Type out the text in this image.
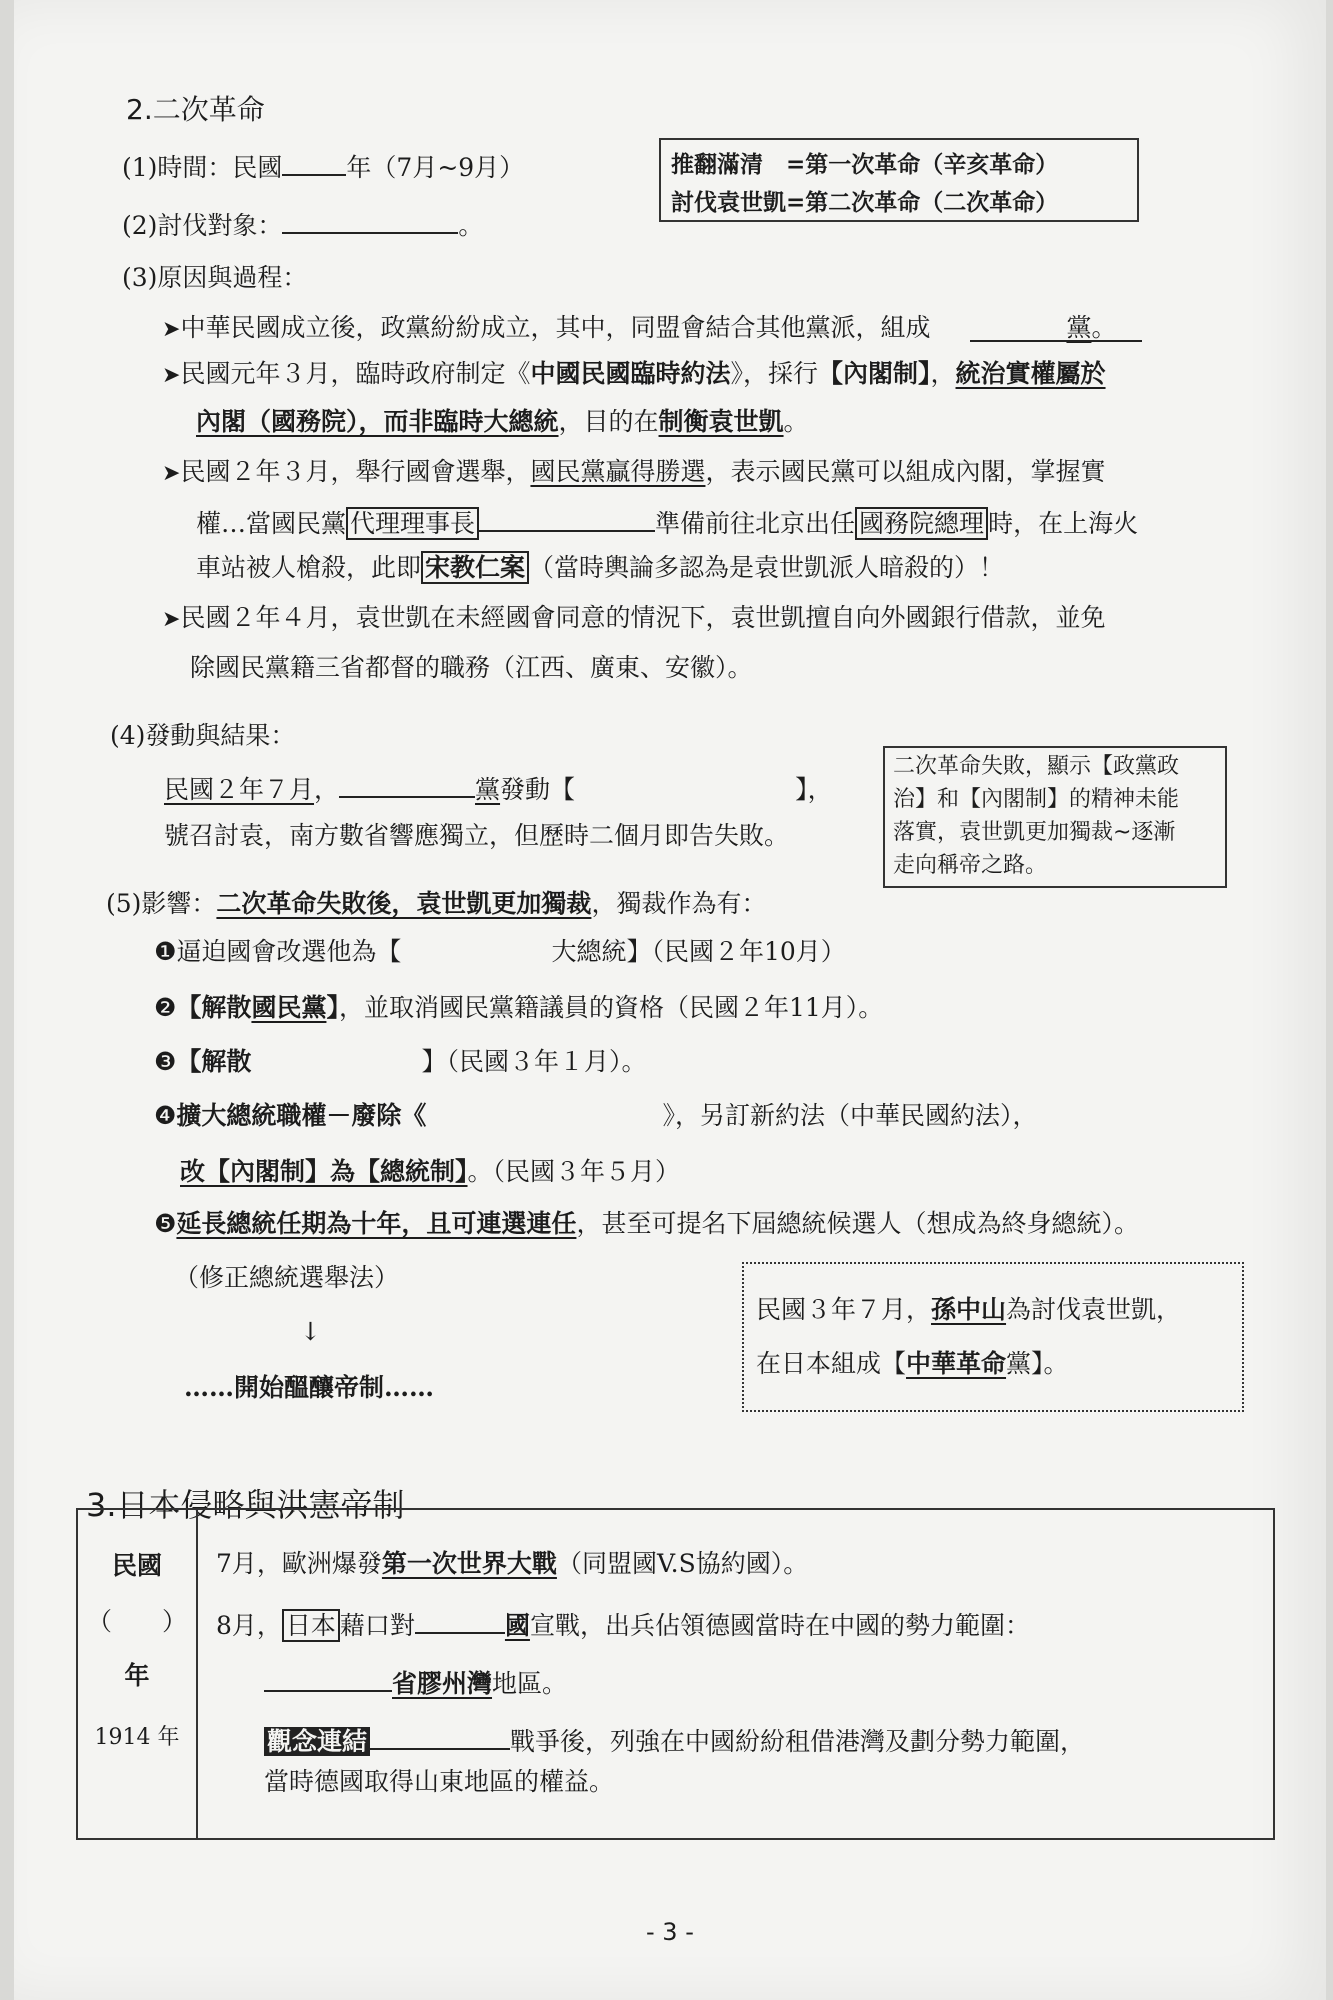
2.二次革命
(1)時間：民國	年（7月~9月）
(2)討伐對象：	。
推翻滿清　=第一次革命（辛亥革命）
討伐袁世凱=第二次革命（二次革命）
(3)原因與過程：
➤中華民國成立後，政黨紛紛成立，其中，同盟會結合其他黨派，組成	黨。
➤民國元年３月，臨時政府制定《中國民國臨時約法》，採行【內閣制】，統治實權屬於
內閣（國務院），而非臨時大總統，目的在制衡袁世凱。
➤民國２年３月，舉行國會選舉，國民黨贏得勝選，表示國民黨可以組成內閣，掌握實
權…當國民黨 代理理事長	準備前往北京出任 國務院總理 時，在上海火
車站被人槍殺，此即 宋教仁案 （當時輿論多認為是袁世凱派人暗殺的）！
➤民國２年４月，袁世凱在未經國會同意的情況下，袁世凱擅自向外國銀行借款，並免
除國民黨籍三省都督的職務（江西、廣東、安徽）。
(4)發動與結果：
民國２年７月，	黨發動【	】，
號召討袁，南方數省響應獨立，但歷時二個月即告失敗。
二次革命失敗，顯示【政黨政
治】和【內閣制】的精神未能
落實，袁世凱更加獨裁~逐漸
走向稱帝之路。
(5)影響：二次革命失敗後，袁世凱更加獨裁，獨裁作為有：
❶逼迫國會改選他為【	大總統】（民國２年10月）
❷【解散國民黨】，並取消國民黨籍議員的資格（民國２年11月）。
❸【解散	】（民國３年１月）。
❹擴大總統職權－廢除《	》，另訂新約法（中華民國約法），
改【內閣制】為【總統制】。（民國３年５月）
❺延長總統任期為十年，且可連選連任，甚至可提名下屆總統候選人（想成為終身總統）。
（修正總統選舉法）
↓
……開始醞釀帝制……
民國３年７月，孫中山為討伐袁世凱，
在日本組成【中華革命黨】。
3.日本侵略與洪憲帝制
民國
（　　）
年
1914 年
7月，歐洲爆發第一次世界大戰（同盟國V.S協約國）。
8月， 日本 藉口對	國宣戰，出兵佔領德國當時在中國的勢力範圍：
省膠州灣地區。
觀念連結	戰爭後，列強在中國紛紛租借港灣及劃分勢力範圍，
當時德國取得山東地區的權益。
- 3 -
